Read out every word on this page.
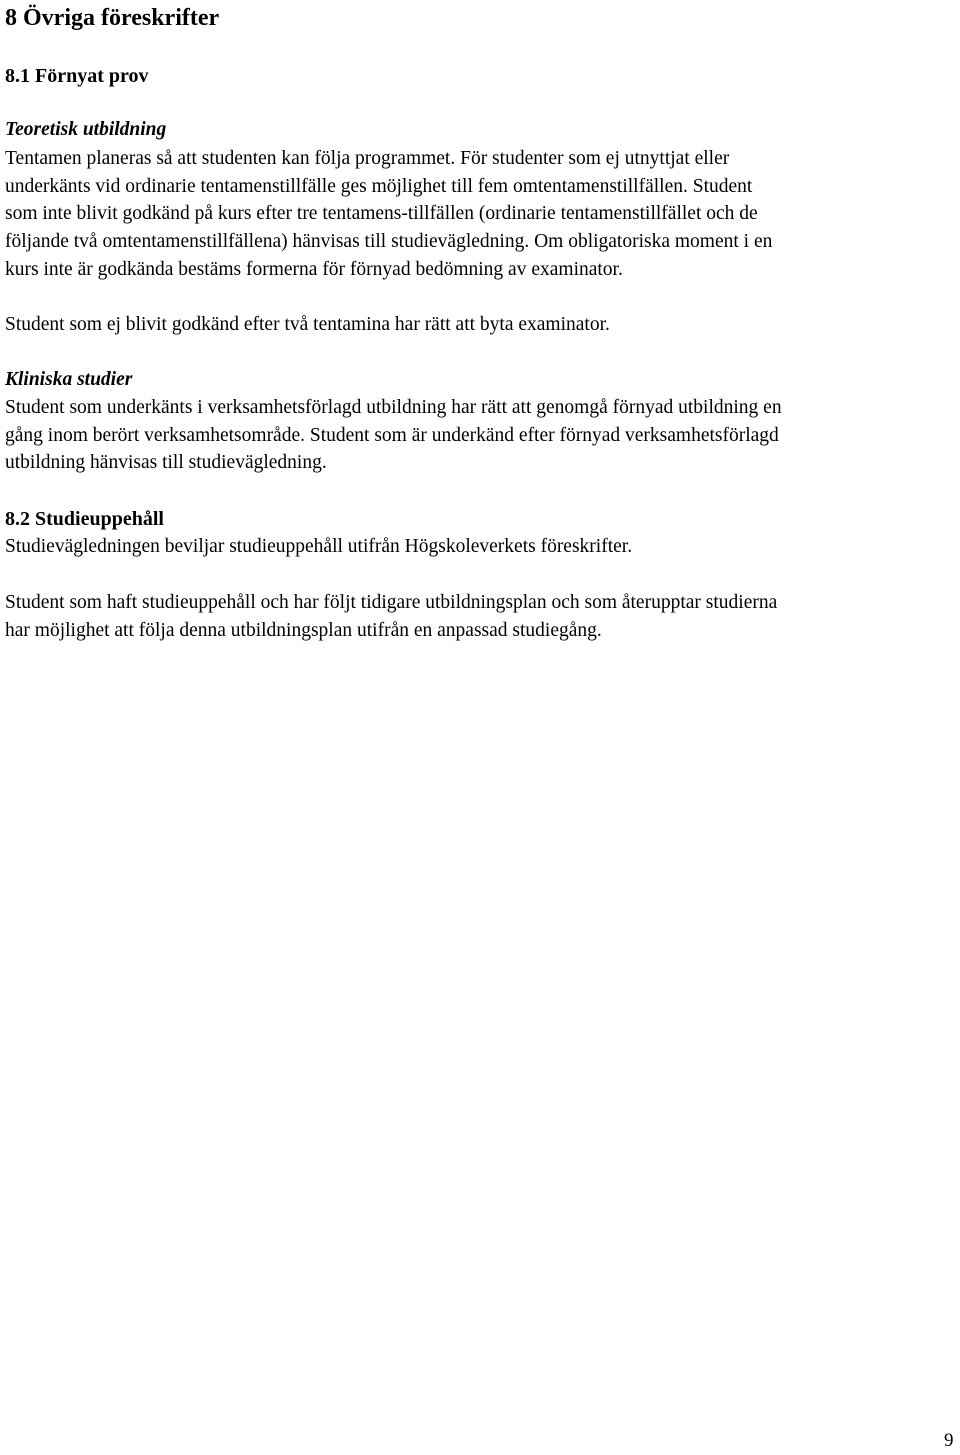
8 Övriga föreskrifter
8.1 Förnyat prov
Teoretisk utbildning
Tentamen planeras så att studenten kan följa programmet. För studenter som ej utnyttjat eller
underkänts vid ordinarie tentamenstillfälle ges möjlighet till fem omtentamenstillfällen. Student
som inte blivit godkänd på kurs efter tre tentamens-tillfällen (ordinarie tentamenstillfället och de
följande två omtentamenstillfällena) hänvisas till studievägledning. Om obligatoriska moment i en
kurs inte är godkända bestäms formerna för förnyad bedömning av examinator.
Student som ej blivit godkänd efter två tentamina har rätt att byta examinator.
Kliniska studier
Student som underkänts i verksamhetsförlagd utbildning har rätt att genomgå förnyad utbildning en
gång inom berört verksamhetsområde. Student som är underkänd efter förnyad verksamhetsförlagd
utbildning hänvisas till studievägledning.
8.2 Studieuppehåll
Studievägledningen beviljar studieuppehåll utifrån Högskoleverkets föreskrifter.
Student som haft studieuppehåll och har följt tidigare utbildningsplan och som återupptar studierna
har möjlighet att följa denna utbildningsplan utifrån en anpassad studiegång.
9
